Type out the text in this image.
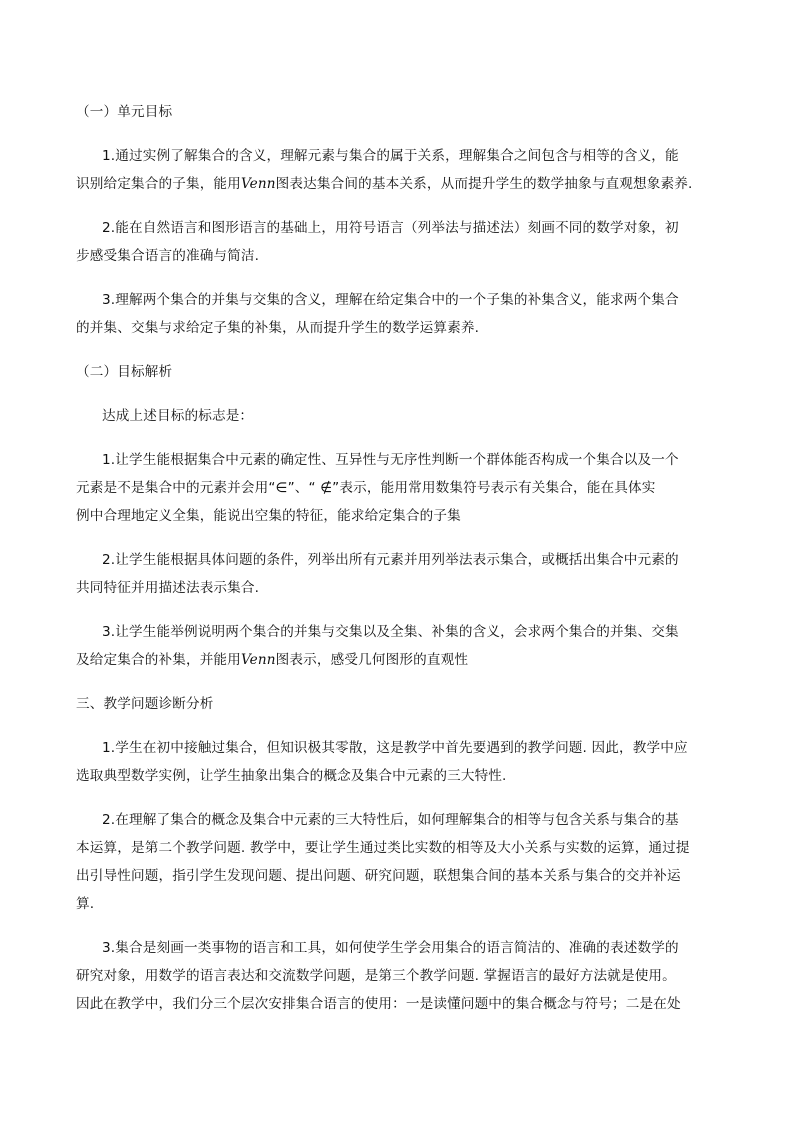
（一）单元目标
1.通过实例了解集合的含义，理解元素与集合的属于关系，理解集合之间包含与相等的含义，能
识别给定集合的子集，能用Venn图表达集合间的基本关系，从而提升学生的数学抽象与直观想象素养.
2.能在自然语言和图形语言的基础上，用符号语言（列举法与描述法）刻画不同的数学对象，初
步感受集合语言的准确与简洁.
3.理解两个集合的并集与交集的含义，理解在给定集合中的一个子集的补集含义，能求两个集合
的并集、交集与求给定子集的补集，从而提升学生的数学运算素养.
（二）目标解析
达成上述目标的标志是：
1.让学生能根据集合中元素的确定性、互异性与无序性判断一个群体能否构成一个集合以及一个
元素是不是集合中的元素并会用“∈”、“ ∉”表示，能用常用数集符号表示有关集合，能在具体实
例中合理地定义全集，能说出空集的特征，能求给定集合的子集
2.让学生能根据具体问题的条件，列举出所有元素并用列举法表示集合，或概括出集合中元素的
共同特征并用描述法表示集合.
3.让学生能举例说明两个集合的并集与交集以及全集、补集的含义，会求两个集合的并集、交集
及给定集合的补集，并能用Venn图表示，感受几何图形的直观性
三、教学问题诊断分析
1.学生在初中接触过集合，但知识极其零散，这是教学中首先要遇到的教学问题. 因此，教学中应
选取典型数学实例，让学生抽象出集合的概念及集合中元素的三大特性.
2.在理解了集合的概念及集合中元素的三大特性后，如何理解集合的相等与包含关系与集合的基
本运算，是第二个教学问题. 教学中，要让学生通过类比实数的相等及大小关系与实数的运算，通过提
出引导性问题，指引学生发现问题、提出问题、研究问题，联想集合间的基本关系与集合的交并补运
算.
3.集合是刻画一类事物的语言和工具，如何使学生学会用集合的语言简洁的、准确的表述数学的
研究对象，用数学的语言表达和交流数学问题，是第三个教学问题. 掌握语言的最好方法就是使用。
因此在教学中，我们分三个层次安排集合语言的使用：一是读懂问题中的集合概念与符号；二是在处
